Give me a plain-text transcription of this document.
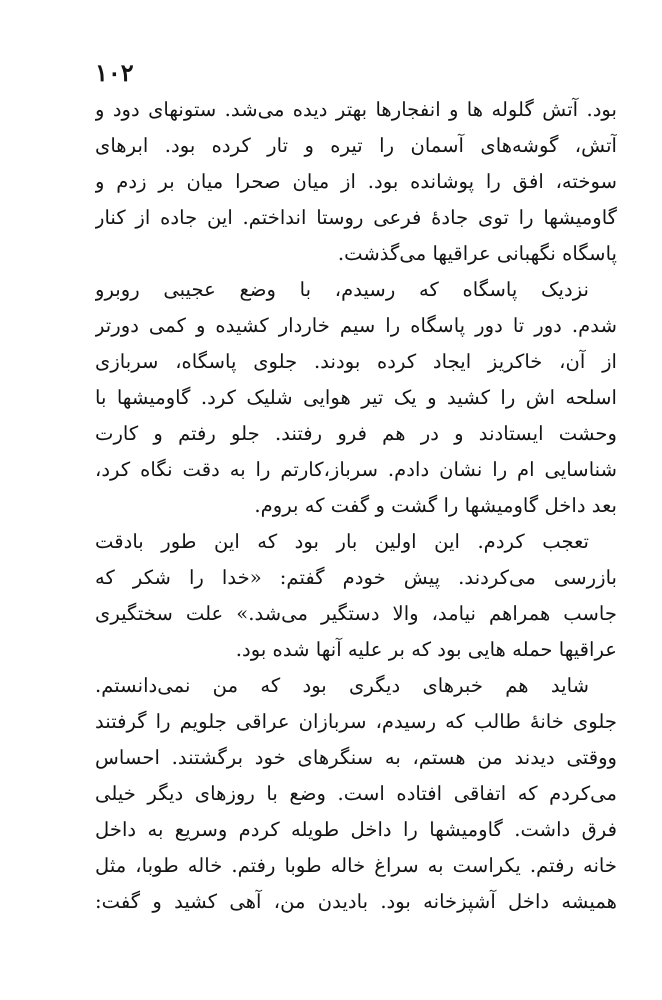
١٠٢
بود. آتش گلوله ها و انفجارها بهتر دیده می‌شد. ستونهای دود و
آتش، گوشه‌های آسمان را تیره و تار کرده بود. ابرهای
سوخته، افق را پوشانده بود. از میان صحرا میان بر زدم و
گاومیشها را توی جادۀ فرعی روستا انداختم. این جاده از کنار
پاسگاه نگهبانی عراقیها می‌گذشت.
نزدیک پاسگاه که رسیدم، با وضع عجیبی روبرو
شدم. دور تا دور پاسگاه را سیم خاردار کشیده و کمی دورتر
از آن، خاکریز ایجاد کرده بودند. جلوی پاسگاه، سربازی
اسلحه اش را کشید و یک تیر هوایی شلیک کرد. گاومیشها با
وحشت ایستادند و در هم فرو رفتند. جلو رفتم و کارت
شناسایی ام را نشان دادم. سرباز،کارتم را به دقت نگاه کرد،
بعد داخل گاومیشها را گشت و گفت که بروم.
تعجب کردم. این اولین بار بود که این طور بادقت
بازرسی می‌کردند. پیش خودم گفتم: «خدا را شکر که
جاسب همراهم نیامد، والا دستگیر می‌شد.» علت سختگیری
عراقیها حمله هایی بود که بر علیه آنها شده بود.
شاید هم خبرهای دیگری بود که من نمی‌دانستم.
جلوی خانۀ طالب که رسیدم، سربازان عراقی جلویم را گرفتند
ووقتی دیدند من هستم، به سنگرهای خود برگشتند. احساس
می‌کردم که اتفاقی افتاده است. وضع با روزهای دیگر خیلی
فرق داشت. گاومیشها را داخل طویله کردم وسریع به داخل
خانه رفتم. یکراست به سراغ خاله طوبا رفتم. خاله طوبا، مثل
همیشه داخل آشپزخانه بود. بادیدن من، آهی کشید و گفت:
